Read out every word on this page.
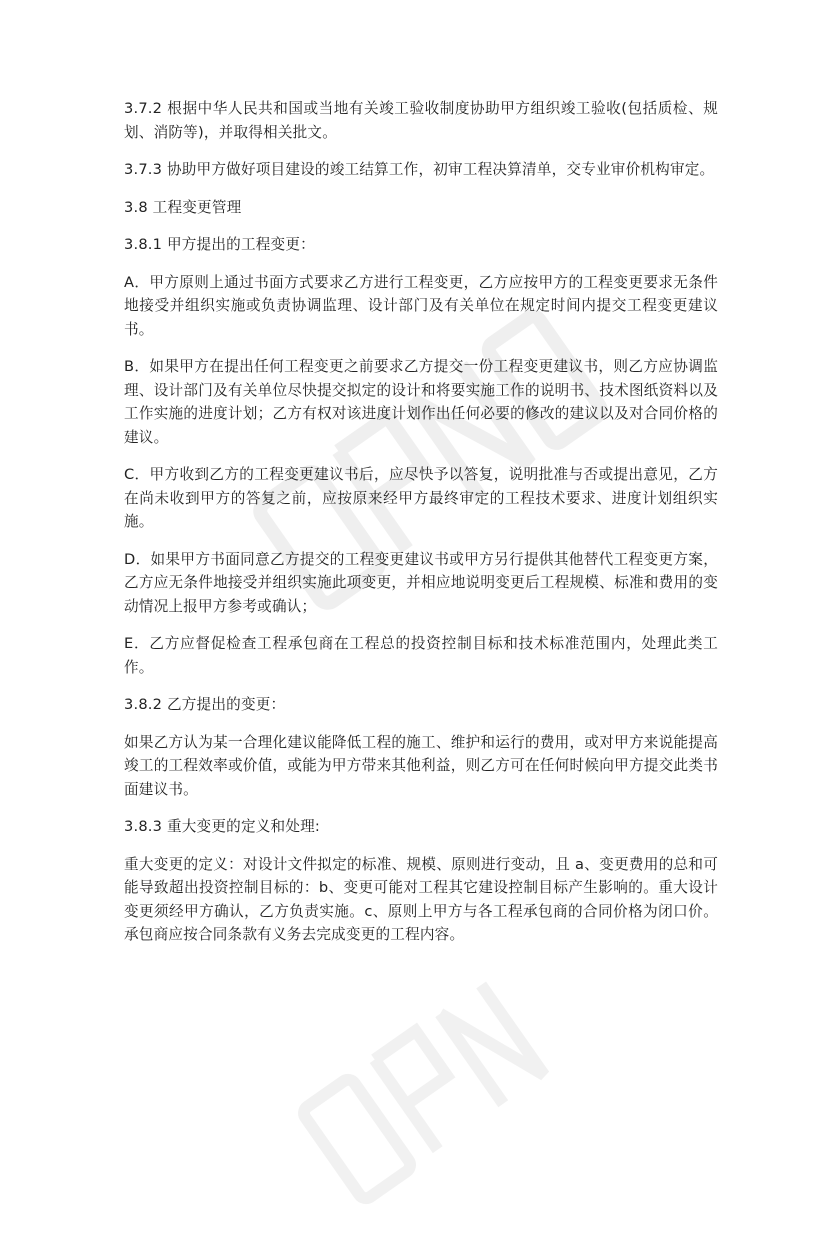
3.7.2 根据中华人民共和国或当地有关竣工验收制度协助甲方组织竣工验收(包括质检、规划、消防等)，并取得相关批文。

3.7.3 协助甲方做好项目建设的竣工结算工作，初审工程决算清单，交专业审价机构审定。

3.8 工程变更管理

3.8.1 甲方提出的工程变更：

A．甲方原则上通过书面方式要求乙方进行工程变更，乙方应按甲方的工程变更要求无条件地接受并组织实施或负责协调监理、设计部门及有关单位在规定时间内提交工程变更建议书。

B．如果甲方在提出任何工程变更之前要求乙方提交一份工程变更建议书，则乙方应协调监理、设计部门及有关单位尽快提交拟定的设计和将要实施工作的说明书、技术图纸资料以及工作实施的进度计划；乙方有权对该进度计划作出任何必要的修改的建议以及对合同价格的建议。

C．甲方收到乙方的工程变更建议书后，应尽快予以答复，说明批准与否或提出意见，乙方在尚未收到甲方的答复之前，应按原来经甲方最终审定的工程技术要求、进度计划组织实施。

D．如果甲方书面同意乙方提交的工程变更建议书或甲方另行提供其他替代工程变更方案，乙方应无条件地接受并组织实施此项变更，并相应地说明变更后工程规模、标准和费用的变动情况上报甲方参考或确认；

E．乙方应督促检查工程承包商在工程总的投资控制目标和技术标准范围内，处理此类工作。

3.8.2 乙方提出的变更：

如果乙方认为某一合理化建议能降低工程的施工、维护和运行的费用，或对甲方来说能提高竣工的工程效率或价值，或能为甲方带来其他利益，则乙方可在任何时候向甲方提交此类书面建议书。

3.8.3 重大变更的定义和处理:

重大变更的定义：对设计文件拟定的标准、规模、原则进行变动，且 a、变更费用的总和可能导致超出投资控制目标的：b、变更可能对工程其它建设控制目标产生影响的。重大设计变更须经甲方确认，乙方负责实施。c、原则上甲方与各工程承包商的合同价格为闭口价。承包商应按合同条款有义务去完成变更的工程内容。
